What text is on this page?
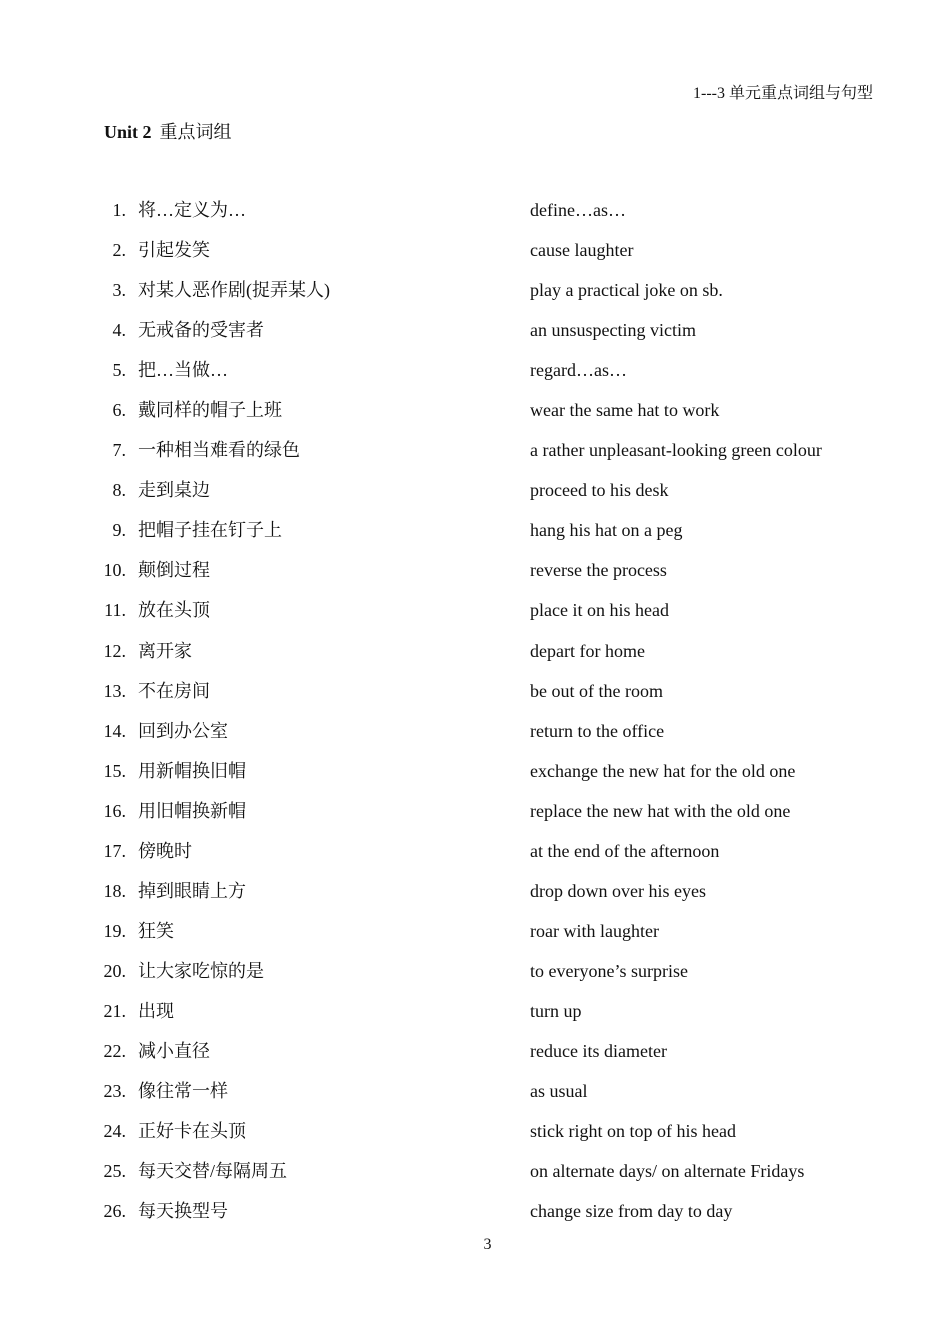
1---3 单元重点词组与句型
Unit 2 重点词组
1. 将…定义为…	define…as…
2. 引起发笑	cause laughter
3. 对某人恶作剧(捉弄某人)	play a practical joke on sb.
4. 无戒备的受害者	an unsuspecting victim
5. 把…当做…	regard…as…
6. 戴同样的帽子上班	wear the same hat to work
7. 一种相当难看的绿色	a rather unpleasant-looking green colour
8. 走到桌边	proceed to his desk
9. 把帽子挂在钉子上	hang his hat on a peg
10. 颠倒过程	reverse the process
11. 放在头顶	place it on his head
12. 离开家	depart for home
13. 不在房间	be out of the room
14. 回到办公室	return to the office
15. 用新帽换旧帽	exchange the new hat for the old one
16. 用旧帽换新帽	replace the new hat with the old one
17. 傍晚时	at the end of the afternoon
18. 掉到眼睛上方	drop down over his eyes
19. 狂笑	roar with laughter
20. 让大家吃惊的是	to everyone’s surprise
21. 出现	turn up
22. 减小直径	reduce its diameter
23. 像往常一样	as usual
24. 正好卡在头顶	stick right on top of his head
25. 每天交替/每隔周五	on alternate days/ on alternate Fridays
26. 每天换型号	change size from day to day
3
